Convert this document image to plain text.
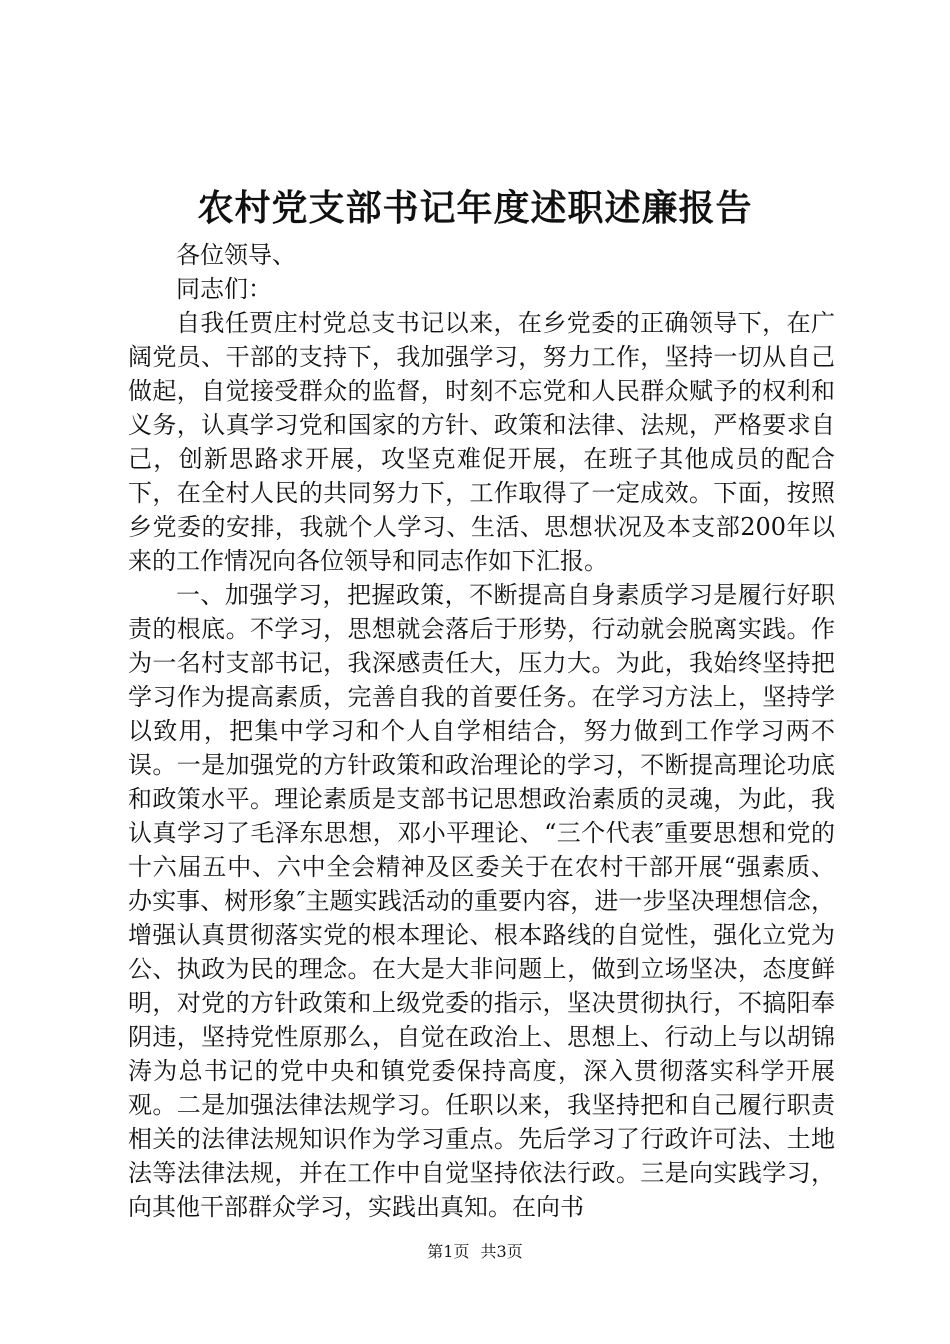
农村党支部书记年度述职述廉报告

各位领导、

同志们：

自我任贾庄村党总支书记以来，在乡党委的正确领导下，在广阔党员、干部的支持下，我加强学习，努力工作，坚持一切从自己做起，自觉接受群众的监督，时刻不忘党和人民群众赋予的权利和义务，认真学习党和国家的方针、政策和法律、法规，严格要求自己，创新思路求开展，攻坚克难促开展，在班子其他成员的配合下，在全村人民的共同努力下，工作取得了一定成效。下面，按照乡党委的安排，我就个人学习、生活、思想状况及本支部200年以来的工作情况向各位领导和同志作如下汇报。

一、加强学习，把握政策，不断提高自身素质学习是履行好职责的根底。不学习，思想就会落后于形势，行动就会脱离实践。作为一名村支部书记，我深感责任大，压力大。为此，我始终坚持把学习作为提高素质，完善自我的首要任务。在学习方法上，坚持学以致用，把集中学习和个人自学相结合，努力做到工作学习两不误。一是加强党的方针政策和政治理论的学习，不断提高理论功底和政策水平。理论素质是支部书记思想政治素质的灵魂，为此，我认真学习了毛泽东思想，邓小平理论、“三个代表″重要思想和党的十六届五中、六中全会精神及区委关于在农村干部开展“强素质、办实事、树形象″主题实践活动的重要内容，进一步坚决理想信念，增强认真贯彻落实党的根本理论、根本路线的自觉性，强化立党为公、执政为民的理念。在大是大非问题上，做到立场坚决，态度鲜明，对党的方针政策和上级党委的指示，坚决贯彻执行，不搞阳奉阴违，坚持党性原那么，自觉在政治上、思想上、行动上与以胡锦涛为总书记的党中央和镇党委保持高度，深入贯彻落实科学开展观。二是加强法律法规学习。任职以来，我坚持把和自己履行职责相关的法律法规知识作为学习重点。先后学习了行政许可法、土地法等法律法规，并在工作中自觉坚持依法行政。三是向实践学习，向其他干部群众学习，实践出真知。在向书

第1页 共3页
